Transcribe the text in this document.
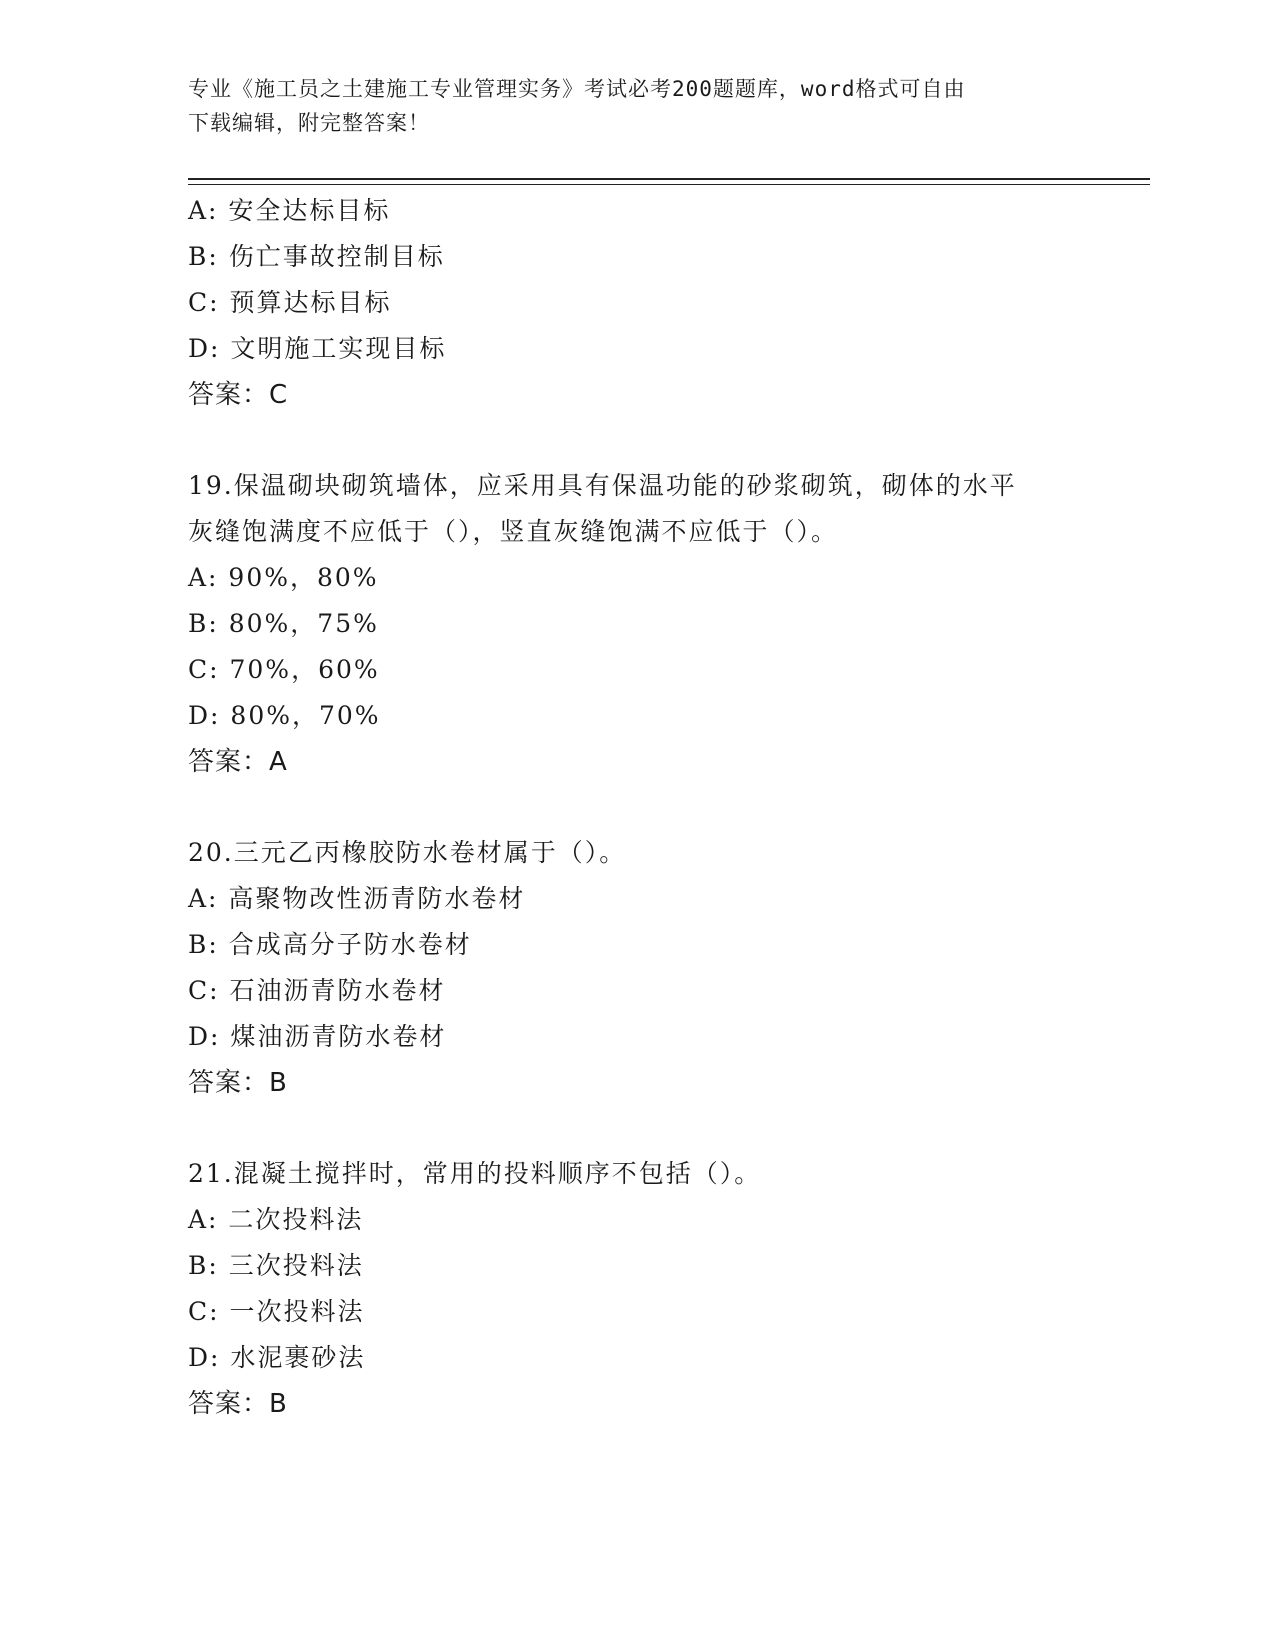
专业《施工员之土建施工专业管理实务》考试必考200题题库，word格式可自由
下载编辑，附完整答案！
A: 安全达标目标
B: 伤亡事故控制目标
C: 预算达标目标
D: 文明施工实现目标
答案：C
19.保温砌块砌筑墙体，应采用具有保温功能的砂浆砌筑，砌体的水平
灰缝饱满度不应低于（），竖直灰缝饱满不应低于（）。
A: 90%，80%
B: 80%，75%
C: 70%，60%
D: 80%，70%
答案：A
20.三元乙丙橡胶防水卷材属于（）。
A: 高聚物改性沥青防水卷材
B: 合成高分子防水卷材
C: 石油沥青防水卷材
D: 煤油沥青防水卷材
答案：B
21.混凝土搅拌时，常用的投料顺序不包括（）。
A: 二次投料法
B: 三次投料法
C: 一次投料法
D: 水泥裹砂法
答案：B
